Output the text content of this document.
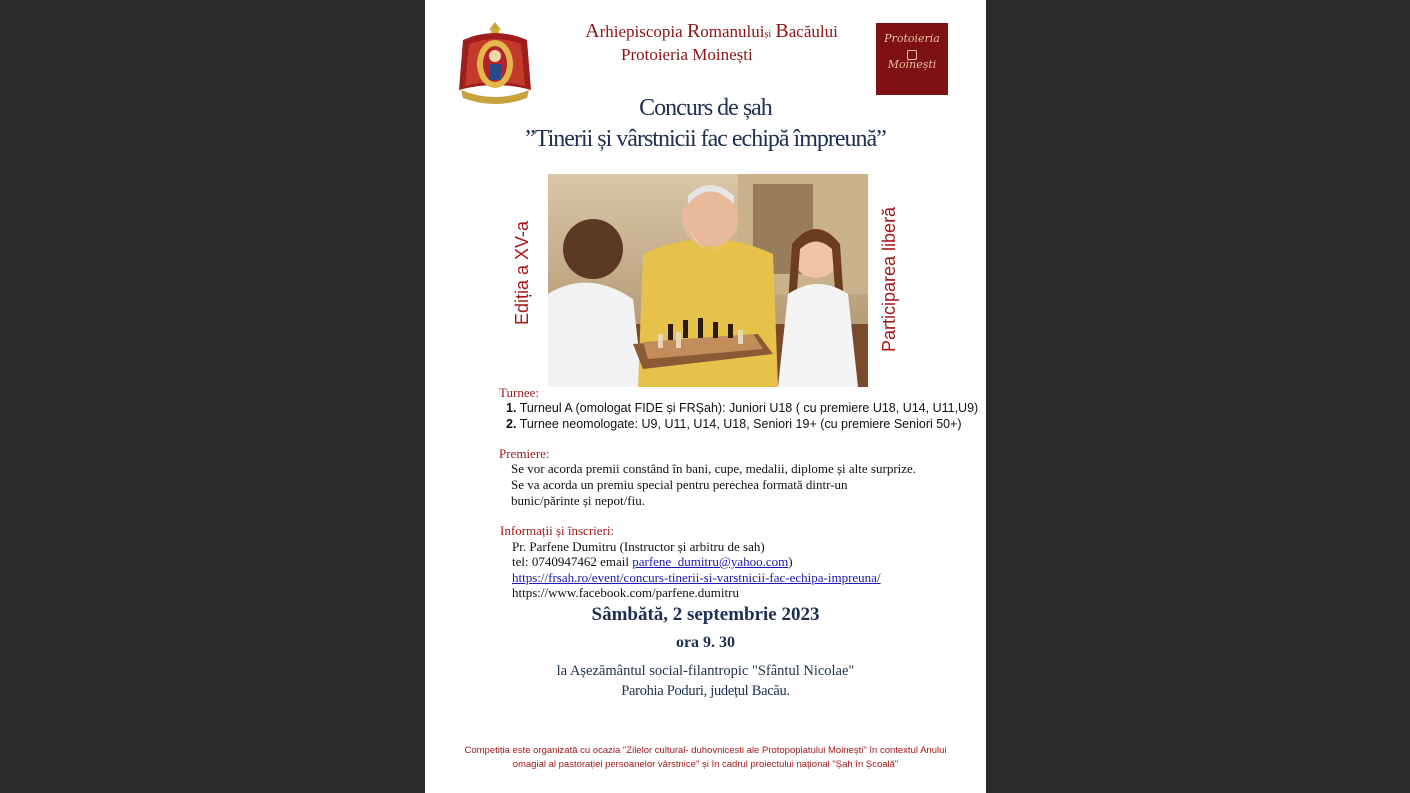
Arhiepiscopia Romanuluiși Bacăului
Protoieria Moinești
Protoieria
Moinești
Concurs de șah
”Tinerii și vârstnicii fac echipă împreună”
Ediția a XV-a	Participarea liberă
Turnee:
1. Turneul A (omologat FIDE și FRȘah): Juniori U18 ( cu premiere U18, U14, U11,U9)
2. Turnee neomologate: U9, U11, U14, U18, Seniori 19+ (cu premiere Seniori 50+)
Premiere:
Se vor acorda premii constând în bani, cupe, medalii, diplome și alte surprize.
Se va acorda un premiu special pentru perechea formată dintr-un
bunic/părinte și nepot/fiu.
Informații și înscrieri:
Pr. Parfene Dumitru (Instructor și arbitru de sah)
tel: 0740947462 email parfene_dumitru@yahoo.com)
https://frsah.ro/event/concurs-tinerii-si-varstnicii-fac-echipa-impreuna/
https://www.facebook.com/parfene.dumitru
Sâmbătă, 2 septembrie 2023
ora 9. 30
la Așezământul social-filantropic "Sfântul Nicolae"
Parohia Poduri, județul Bacău.
Competiția este organizată cu ocazia "Zilelor cultural- duhovnicesti ale Protopopiatului Moinești" în contextul Anului
omagial al pastorației persoanelor vârstnice" și în cadrul proiectului național "Șah în Școală"
